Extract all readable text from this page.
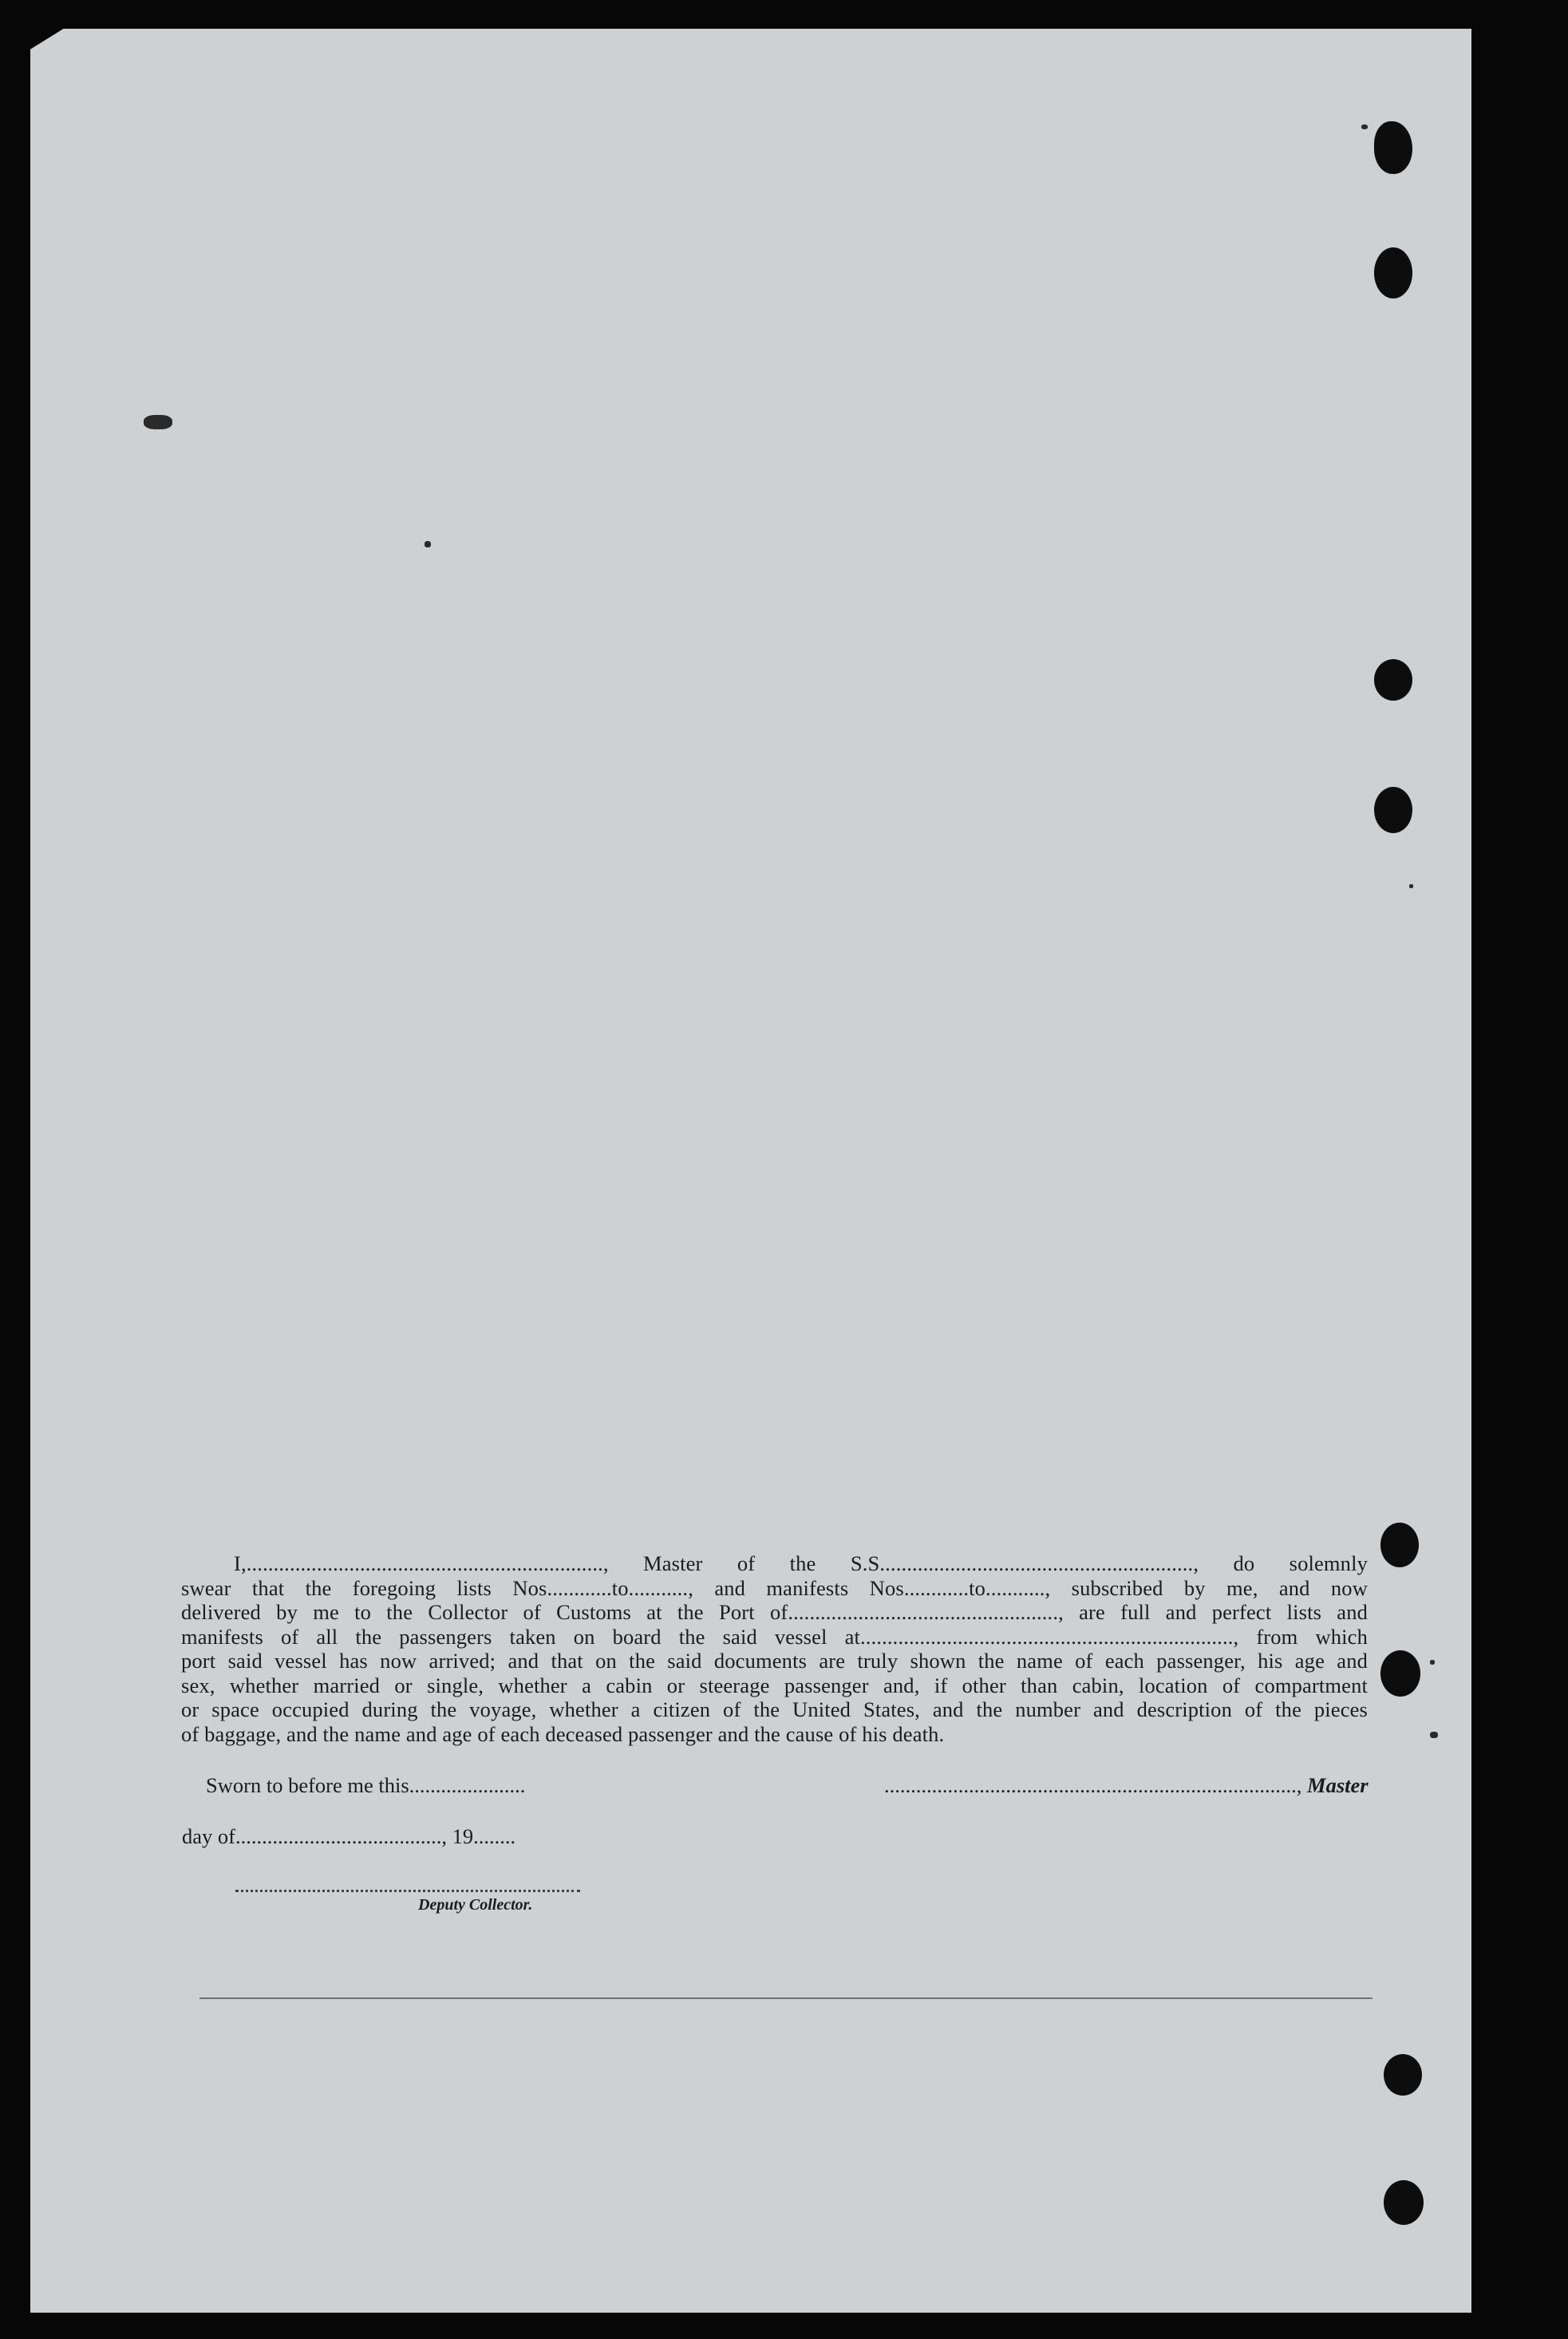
I,.................................................................., Master of the S.S.........................................................., do solemnly
swear that the foregoing lists Nos............to..........., and manifests Nos............to..........., subscribed by me, and now
delivered by me to the Collector of Customs at the Port of.................................................., are full and perfect lists and
manifests of all the passengers taken on board the said vessel at....................................................................., from which
port said vessel has now arrived; and that on the said documents are truly shown the name of each passenger, his age and
sex, whether married or single, whether a cabin or steerage passenger and, if other than cabin, location of compartment
or space occupied during the voyage, whether a citizen of the United States, and the number and description of the pieces
of baggage, and the name and age of each deceased passenger and the cause of his death.
Sworn to before me this......................	.............................................................................., Master
day of......................................., 19........
Deputy Collector.
